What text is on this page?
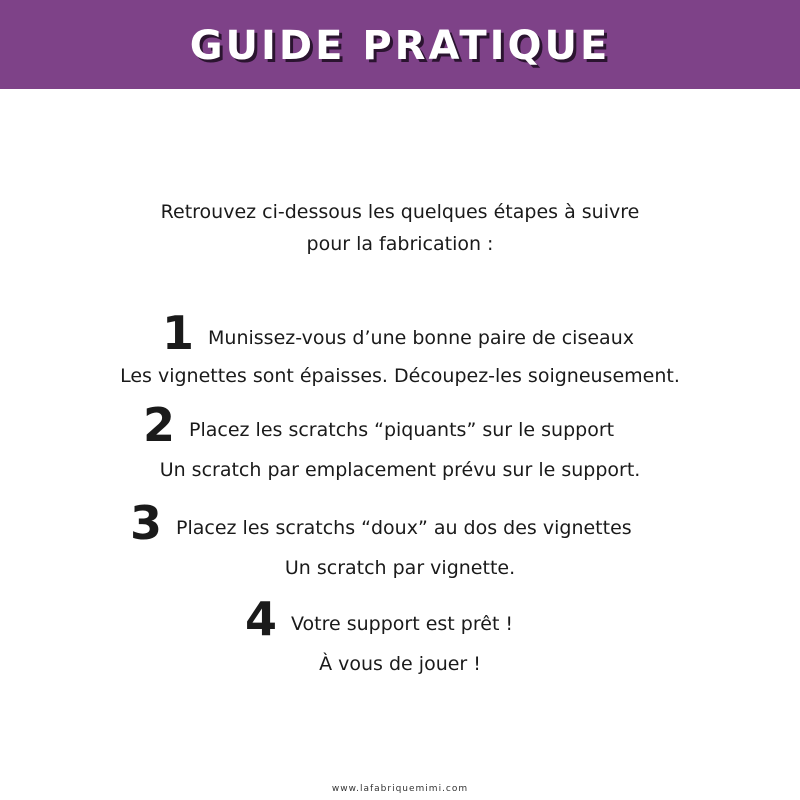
GUIDE PRATIQUE
Retrouvez ci-dessous les quelques étapes à suivre
pour la fabrication :
1 Munissez-vous d’une bonne paire de ciseaux
Les vignettes sont épaisses. Découpez-les soigneusement.
2 Placez les scratchs “piquants” sur le support
Un scratch par emplacement prévu sur le support.
3 Placez les scratchs “doux” au dos des vignettes
Un scratch par vignette.
4 Votre support est prêt !
À vous de jouer !
www.lafabriquemimi.com
